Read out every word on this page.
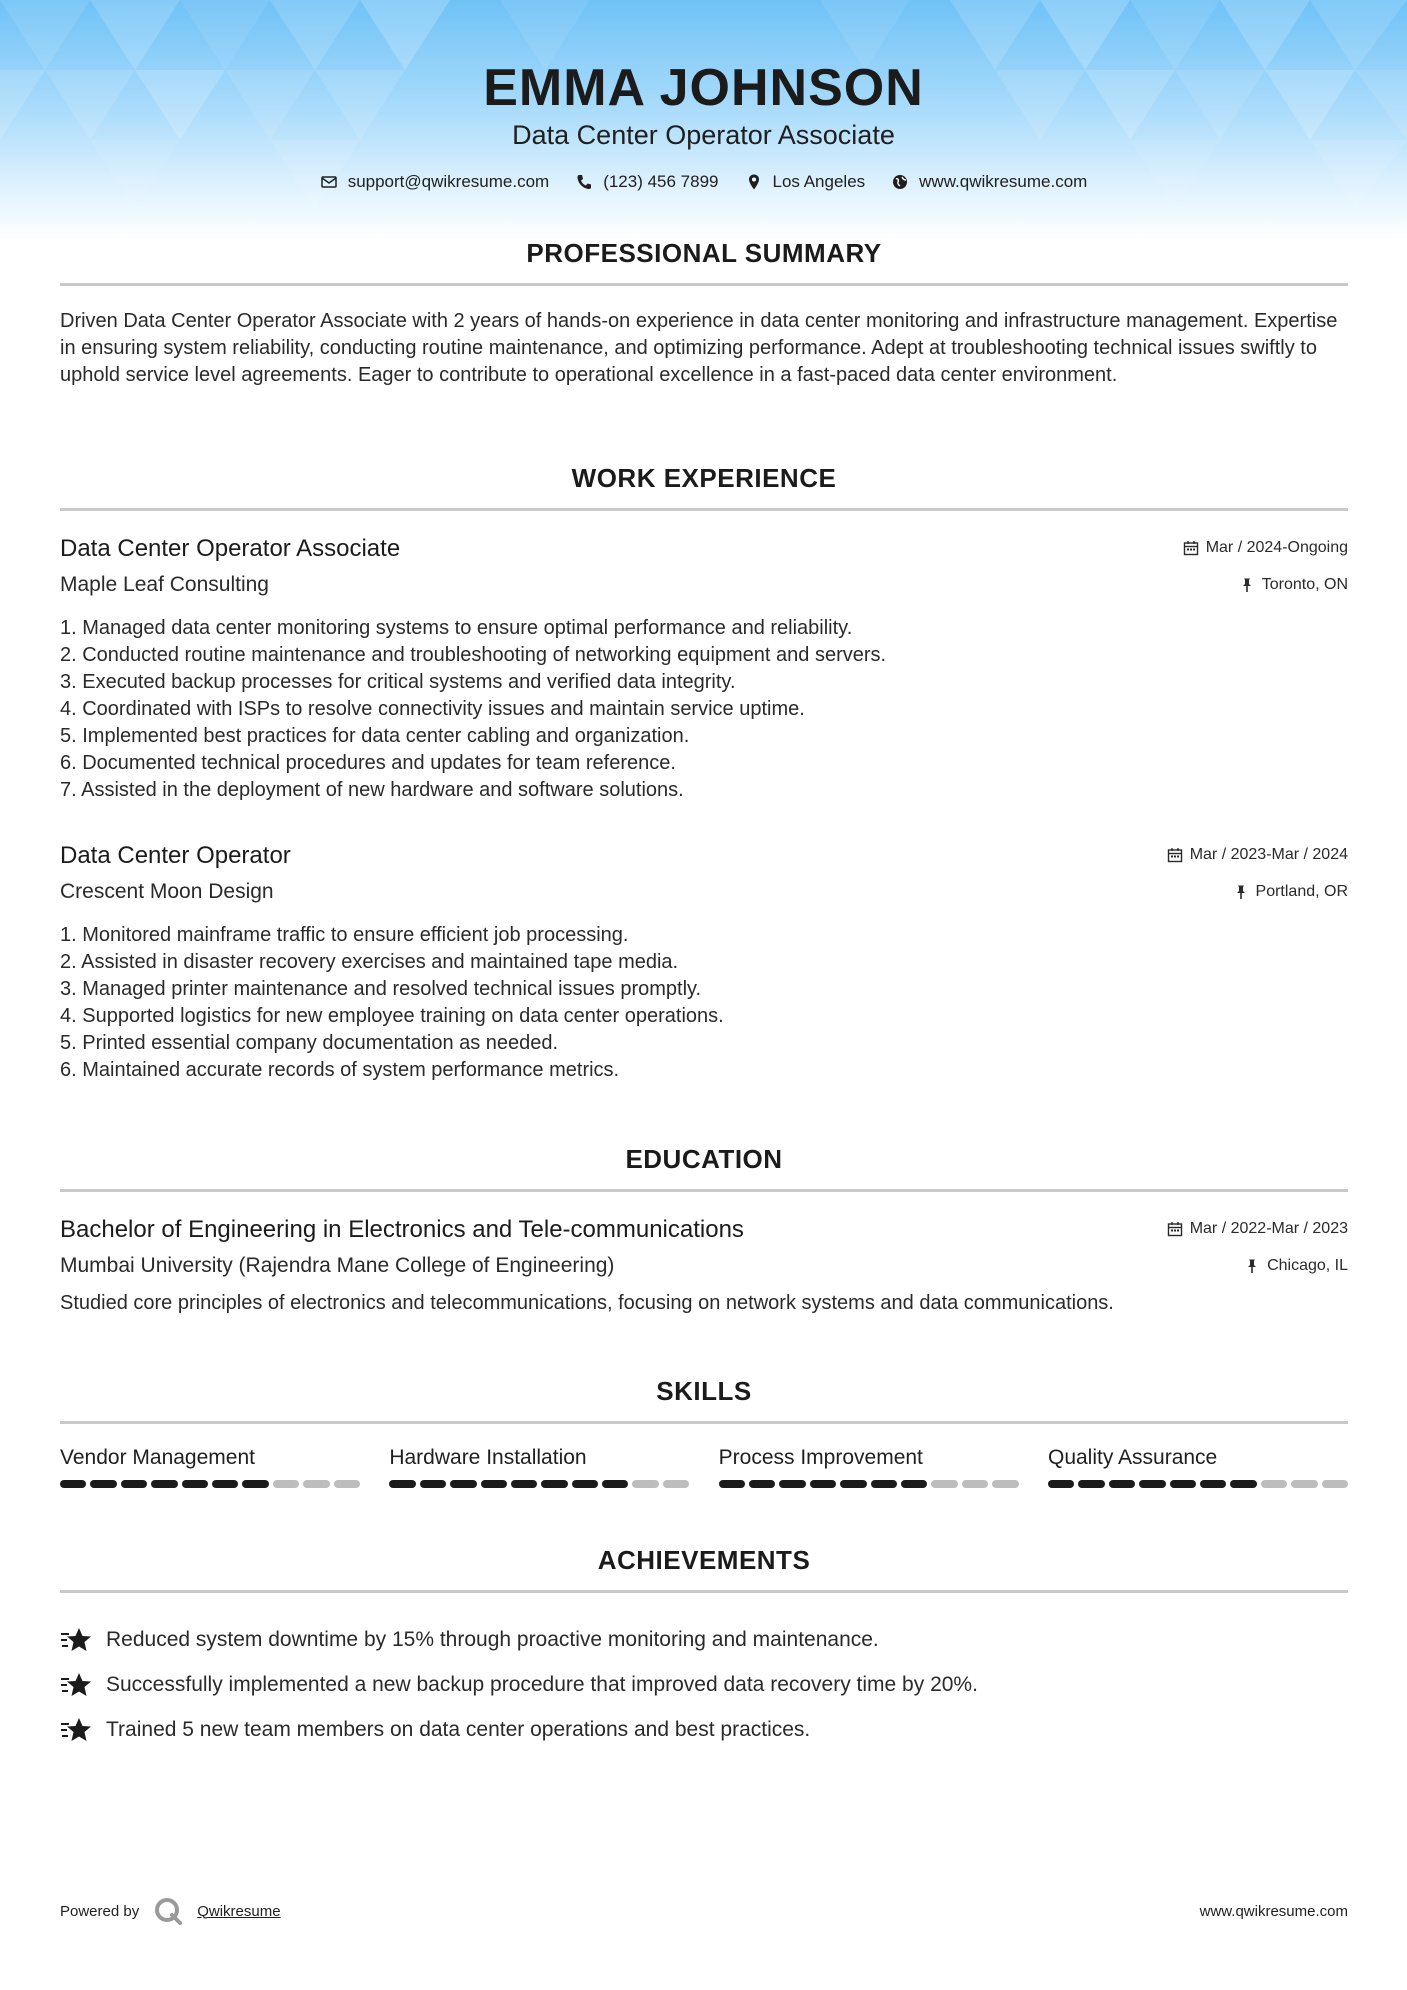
EMMA JOHNSON
Data Center Operator Associate
support@qwikresume.com	(123) 456 7899	Los Angeles	www.qwikresume.com
PROFESSIONAL SUMMARY
Driven Data Center Operator Associate with 2 years of hands-on experience in data center monitoring and infrastructure management. Expertise in ensuring system reliability, conducting routine maintenance, and optimizing performance. Adept at troubleshooting technical issues swiftly to uphold service level agreements. Eager to contribute to operational excellence in a fast-paced data center environment.
WORK EXPERIENCE
Data Center Operator Associate	Mar / 2024-Ongoing
Maple Leaf Consulting	Toronto, ON
1. Managed data center monitoring systems to ensure optimal performance and reliability.
2. Conducted routine maintenance and troubleshooting of networking equipment and servers.
3. Executed backup processes for critical systems and verified data integrity.
4. Coordinated with ISPs to resolve connectivity issues and maintain service uptime.
5. Implemented best practices for data center cabling and organization.
6. Documented technical procedures and updates for team reference.
7. Assisted in the deployment of new hardware and software solutions.
Data Center Operator	Mar / 2023-Mar / 2024
Crescent Moon Design	Portland, OR
1. Monitored mainframe traffic to ensure efficient job processing.
2. Assisted in disaster recovery exercises and maintained tape media.
3. Managed printer maintenance and resolved technical issues promptly.
4. Supported logistics for new employee training on data center operations.
5. Printed essential company documentation as needed.
6. Maintained accurate records of system performance metrics.
EDUCATION
Bachelor of Engineering in Electronics and Tele-communications	Mar / 2022-Mar / 2023
Mumbai University (Rajendra Mane College of Engineering)	Chicago, IL
Studied core principles of electronics and telecommunications, focusing on network systems and data communications.
SKILLS
Vendor Management	Hardware Installation	Process Improvement	Quality Assurance
ACHIEVEMENTS
Reduced system downtime by 15% through proactive monitoring and maintenance.
Successfully implemented a new backup procedure that improved data recovery time by 20%.
Trained 5 new team members on data center operations and best practices.
Powered by	Qwikresume	www.qwikresume.com
